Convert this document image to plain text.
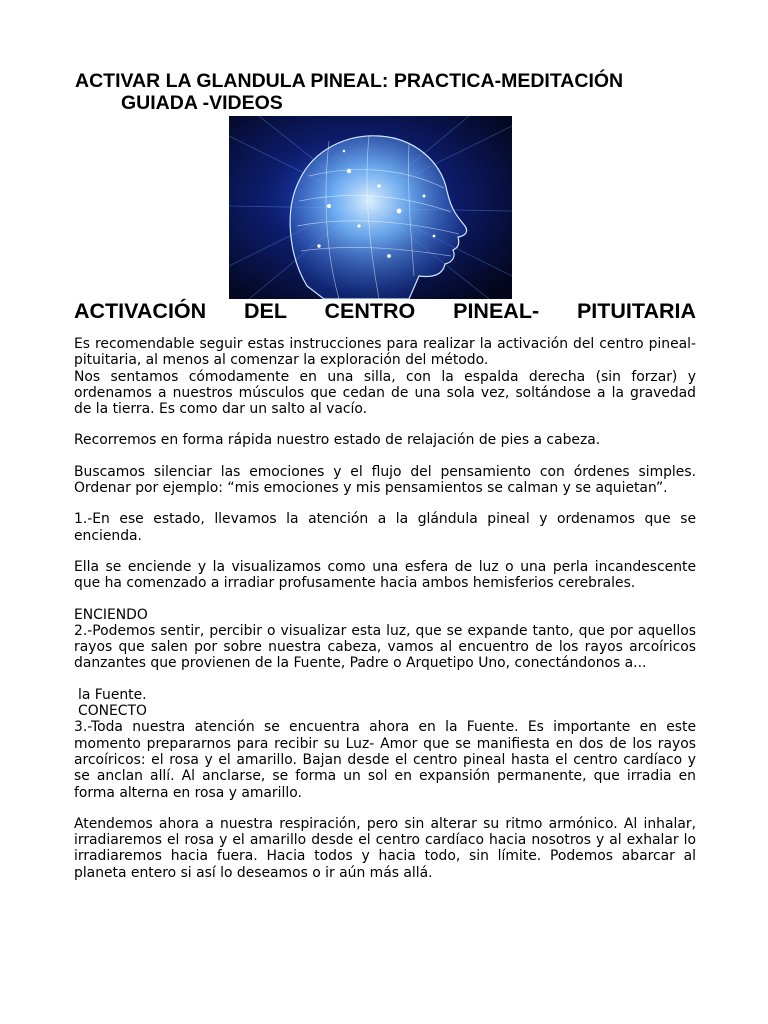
ACTIVAR LA GLANDULA PINEAL: PRACTICA-MEDITACIÓN
GUIADA -VIDEOS
ACTIVACIÓN DEL CENTRO PINEAL- PITUITARIA

Es recomendable seguir estas instrucciones para realizar la activación del centro pineal- pituitaria, al menos al comenzar la exploración del método.

Nos sentamos cómodamente en una silla, con la espalda derecha (sin forzar) y ordenamos a nuestros músculos que cedan de una sola vez, soltándose a la gravedad de la tierra. Es como dar un salto al vacío.

Recorremos en forma rápida nuestro estado de relajación de pies a cabeza.

Buscamos silenciar las emociones y el flujo del pensamiento con órdenes simples. Ordenar por ejemplo: “mis emociones y mis pensamientos se calman y se aquietan”.

1.-En ese estado, llevamos la atención a la glándula pineal y ordenamos que se encienda.

Ella se enciende y la visualizamos como una esfera de luz o una perla incandescente que ha comenzado a irradiar profusamente hacia ambos hemisferios cerebrales.

ENCIENDO

2.-Podemos sentir, percibir o visualizar esta luz, que se expande tanto, que por aquellos rayos que salen por sobre nuestra cabeza, vamos al encuentro de los rayos arcoíricos danzantes que provienen de la Fuente, Padre o Arquetipo Uno, conectándonos a...

la Fuente.
CONECTO

3.-Toda nuestra atención se encuentra ahora en la Fuente. Es importante en este momento prepararnos para recibir su Luz- Amor que se manifiesta en dos de los rayos arcoíricos: el rosa y el amarillo. Bajan desde el centro pineal hasta el centro cardíaco y se anclan allí. Al anclarse, se forma un sol en expansión permanente, que irradia en forma alterna en rosa y amarillo.

Atendemos ahora a nuestra respiración, pero sin alterar su ritmo armónico. Al inhalar, irradiaremos el rosa y el amarillo desde el centro cardíaco hacia nosotros y al exhalar lo irradiaremos hacia fuera. Hacia todos y hacia todo, sin límite. Podemos abarcar al planeta entero si así lo deseamos o ir aún más allá.
